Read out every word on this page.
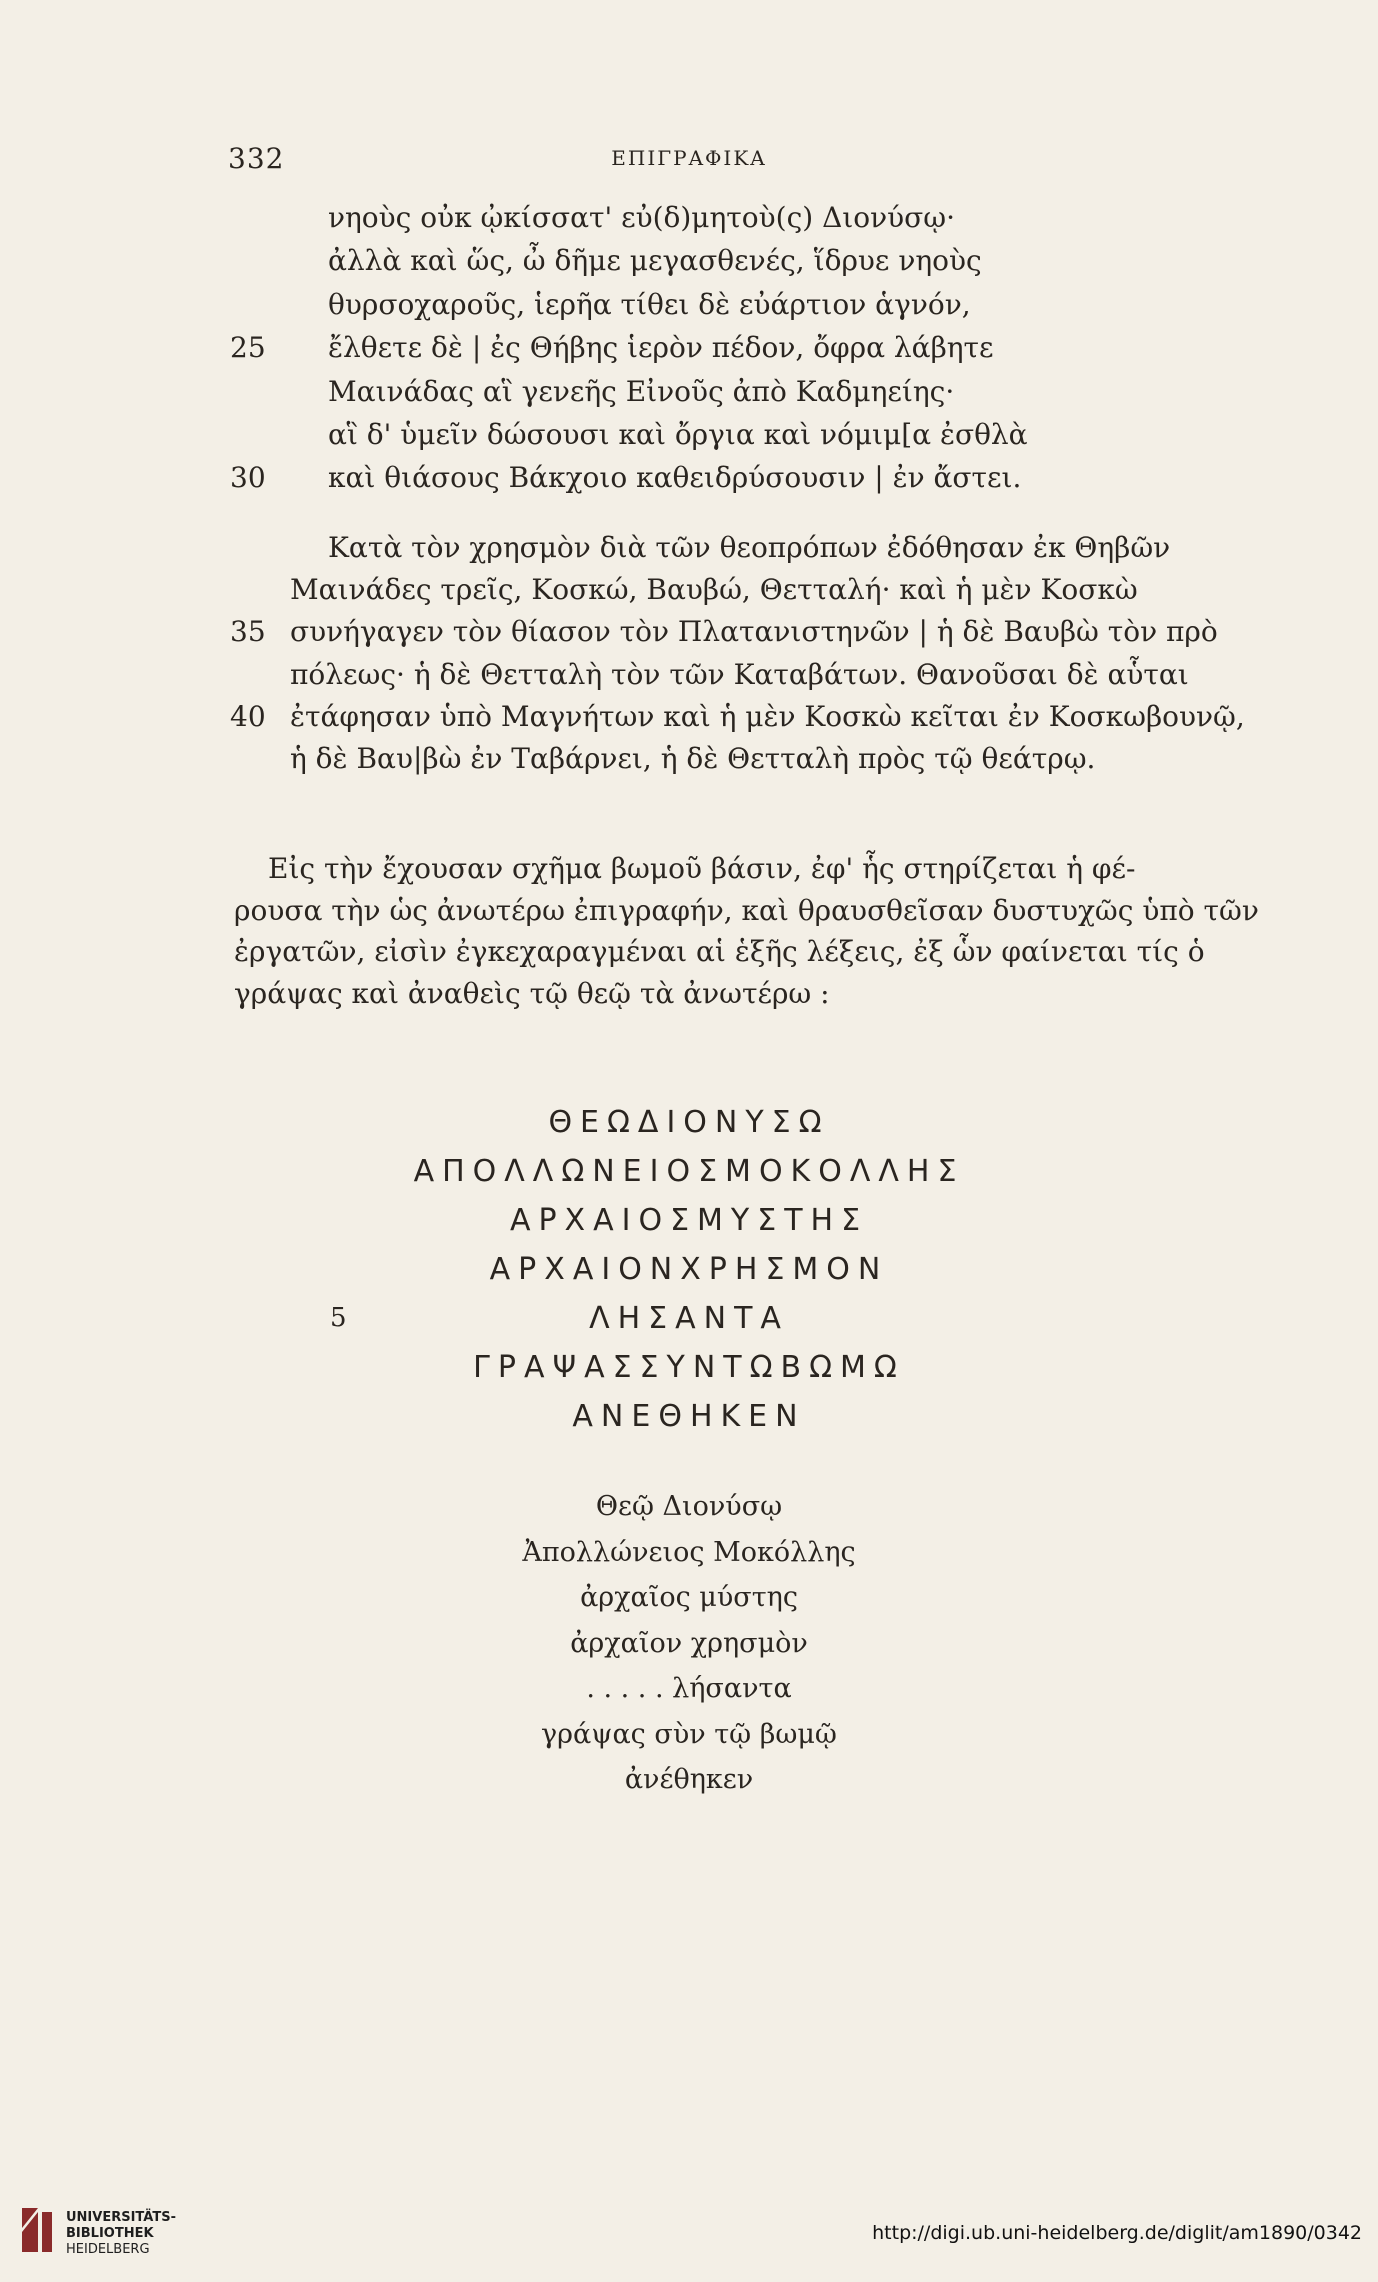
332	ΕΠΙΓΡΑΦΙΚΑ
νηοὺς οὐκ ᾠκίσσατ' εὐ(δ)μητοὺ(ς) Διονύσῳ·
ἀλλὰ καὶ ὥς, ὦ δῆμε μεγασθενές, ἵδρυε νηοὺς
θυρσοχαροῦς, ἱερῆα τίθει δὲ εὐάρτιον ἁγνόν,
25 ἔλθετε δὲ | ἐς Θήβης ἱερὸν πέδον, ὄφρα λάβητε
Μαινάδας αἳ γενεῆς Εἰνοῦς ἀπὸ Καδμηείης·
αἳ δ' ὑμεῖν δώσουσι καὶ ὄργια καὶ νόμιμ[α ἐσθλὰ
30 καὶ θιάσους Βάκχοιο καθειδρύσουσιν | ἐν ἄστει.
Κατὰ τὸν χρησμὸν διὰ τῶν θεοπρόπων ἐδόθησαν ἐκ Θηβῶν
Μαινάδες τρεῖς, Κοσκώ, Βαυβώ, Θετταλή· καὶ ἡ μὲν Κοσκὼ
35 συνήγαγεν τὸν θίασον τὸν Πλατανιστηνῶν | ἡ δὲ Βαυβὼ τὸν πρὸ
πόλεως· ἡ δὲ Θετταλὴ τὸν τῶν Καταβάτων. Θανοῦσαι δὲ αὗται
40 ἐτάφησαν ὑπὸ Μαγνήτων καὶ ἡ μὲν Κοσκὼ κεῖται ἐν Κοσκωβουνῷ,
ἡ δὲ Βαυ|βὼ ἐν Ταβάρνει, ἡ δὲ Θετταλὴ πρὸς τῷ θεάτρῳ.
Εἰς τὴν ἔχουσαν σχῆμα βωμοῦ βάσιν, ἐφ' ἧς στηρίζεται ἡ φέ-
ρουσα τὴν ὡς ἀνωτέρω ἐπιγραφήν, καὶ θραυσθεῖσαν δυστυχῶς ὑπὸ τῶν
ἐργατῶν, εἰσὶν ἐγκεχαραγμέναι αἱ ἑξῆς λέξεις, ἐξ ὧν φαίνεται τίς ὁ
γράψας καὶ ἀναθεὶς τῷ θεῷ τὰ ἀνωτέρω :
ΘΕΩΔΙΟΝΥΣΩ
ΑΠΟΛΛΩΝΕΙΟΣΜΟΚΟΛΛΗΣ
ΑΡΧΑΙΟΣΜΥΣΤΗΣ
ΑΡΧΑΙΟΝΧΡΗΣΜΟΝ
5	ΛΗΣΑΝΤΑ
ΓΡΑΨΑΣΣΥΝΤΩΒΩΜΩ
ΑΝΕΘΗΚΕΝ
Θεῷ Διονύσῳ
Ἀπολλώνειος Μοκόλλης
ἀρχαῖος μύστης
ἀρχαῖον χρησμὸν
. . . . . λήσαντα
γράψας σὺν τῷ βωμῷ
ἀνέθηκεν
UNIVERSITÄTS-
BIBLIOTHEK
HEIDELBERG
http://digi.ub.uni-heidelberg.de/diglit/am1890/0342
